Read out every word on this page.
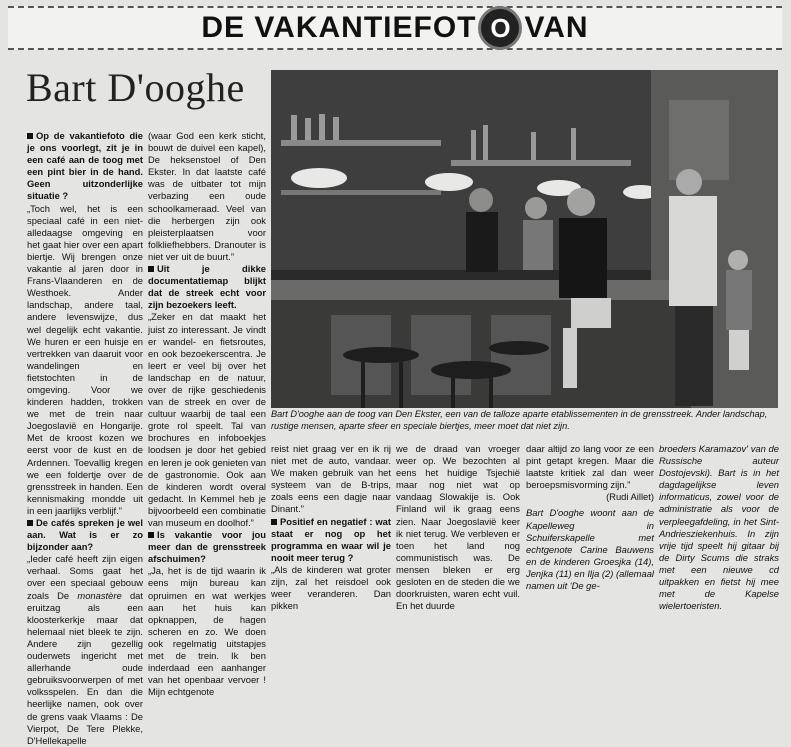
DE VAKANTIEFOT O VAN
Bart D'ooghe

Op de vakantiefoto die je ons voorlegt, zit je in een café aan de toog met een pint bier in de hand. Geen uitzonderlijke situatie ?

„Toch wel, het is een speciaal café in een niet-alledaagse omgeving en het gaat hier over een apart biertje. Wij brengen onze vakantie al jaren door in Frans-Vlaanderen en de Westhoek. Ander landschap, andere taal, andere levenswijze, dus wel degelijk echt vakantie. We huren er een huisje en vertrekken van daaruit voor wandelingen en fietstochten in de omgeving. Voor we kinderen hadden, trokken we met de trein naar Joegoslavië en Hongarije. Met de kroost kozen we eerst voor de kust en de Ardennen. Toevallig kregen we een foldertje over de grensstreek in handen. Een kennismaking mondde uit in een jaarlijks verblijf.”

De cafés spreken je wel aan. Wat is er zo bijzonder aan?

„Ieder café heeft zijn eigen verhaal. Soms gaat het over een speciaal gebouw zoals De monastère dat eruitzag als een kloosterkerkje maar dat helemaal niet bleek te zijn. Andere zijn gezellig ouderwets ingericht met allerhande oude gebruiksvoorwerpen of met volksspelen. En dan die heerlijke namen, ook over de grens vaak Vlaams : De Vierpot, De Tere Plekke, D'Hellekapelle

(waar God een kerk sticht, bouwt de duivel een kapel), De heksenstoel of Den Ekster. In dat laatste café was de uitbater tot mijn verbazing een oude schoolkameraad. Veel van die herbergen zijn ook pleisterplaatsen voor folkliefhebbers. Dranouter is niet ver uit de buurt.”

Uit je dikke documentatiemap blijkt dat de streek echt voor zijn bezoekers leeft.

„Zeker en dat maakt het juist zo interessant. Je vindt er wandel- en fietsroutes, en ook bezoekerscentra. Je leert er veel bij over het landschap en de natuur, over de rijke geschiedenis van de streek en over de cultuur waarbij de taal een grote rol speelt. Tal van brochures en infoboekjes loodsen je door het gebied en leren je ook genieten van de gastronomie. Ook aan de kinderen wordt overal gedacht. In Kemmel heb je bijvoorbeeld een combinatie van museum en doolhof.”

Is vakantie voor jou meer dan de grensstreek afschuimen?

„Ja, het is de tijd waarin ik eens mijn bureau kan opruimen en wat werkjes aan het huis kan opknappen, de hagen scheren en zo. We doen ook regelmatig uitstapjes met de trein. Ik ben inderdaad een aanhanger van het openbaar vervoer ! Mijn echtgenote

Bart D'ooghe aan de toog van Den Ekster, een van de talloze aparte etablissementen in de grensstreek. Ander landschap, rustige mensen, aparte sfeer en speciale biertjes, meer moet dat niet zijn.

reist niet graag ver en ik rij niet met de auto, vandaar. We maken gebruik van het systeem van de B-trips, zoals eens een dagje naar Dinant.”

Positief en negatief : wat staat er nog op het programma en waar wil je nooit meer terug ?

„Als de kinderen wat groter zijn, zal het reisdoel ook weer veranderen. Dan pikken

we de draad van vroeger weer op. We bezochten al eens het huidige Tsjechië maar nog niet wat op vandaag Slowakije is. Ook Finland wil ik graag eens zien. Naar Joegoslavië keer ik niet terug. We verbleven er toen het land nog communistisch was. De mensen bleken er erg gesloten en de steden die we doorkruisten, waren echt vuil. En het duurde

daar altijd zo lang voor ze een pint getapt kregen. Maar die laatste kritiek zal dan weer beroepsmisvorming zijn.”

(Rudi Aillet)

Bart D'ooghe woont aan de Kapelleweg in Schuiferskapelle met echtgenote Carine Bauwens en de kinderen Groesjka (14), Jenjka (11) en Ilja (2) (allemaal namen uit 'De ge-

broeders Karamazov' van de Russische auteur Dostojevski). Bart is in het dagdagelijkse leven informaticus, zowel voor de administratie als voor de verpleegafdeling, in het Sint-Andriesziekenhuis. In zijn vrije tijd speelt hij gitaar bij de Dirty Scums die straks met een nieuwe cd uitpakken en fietst hij mee met de Kapelse wielertoeristen.
